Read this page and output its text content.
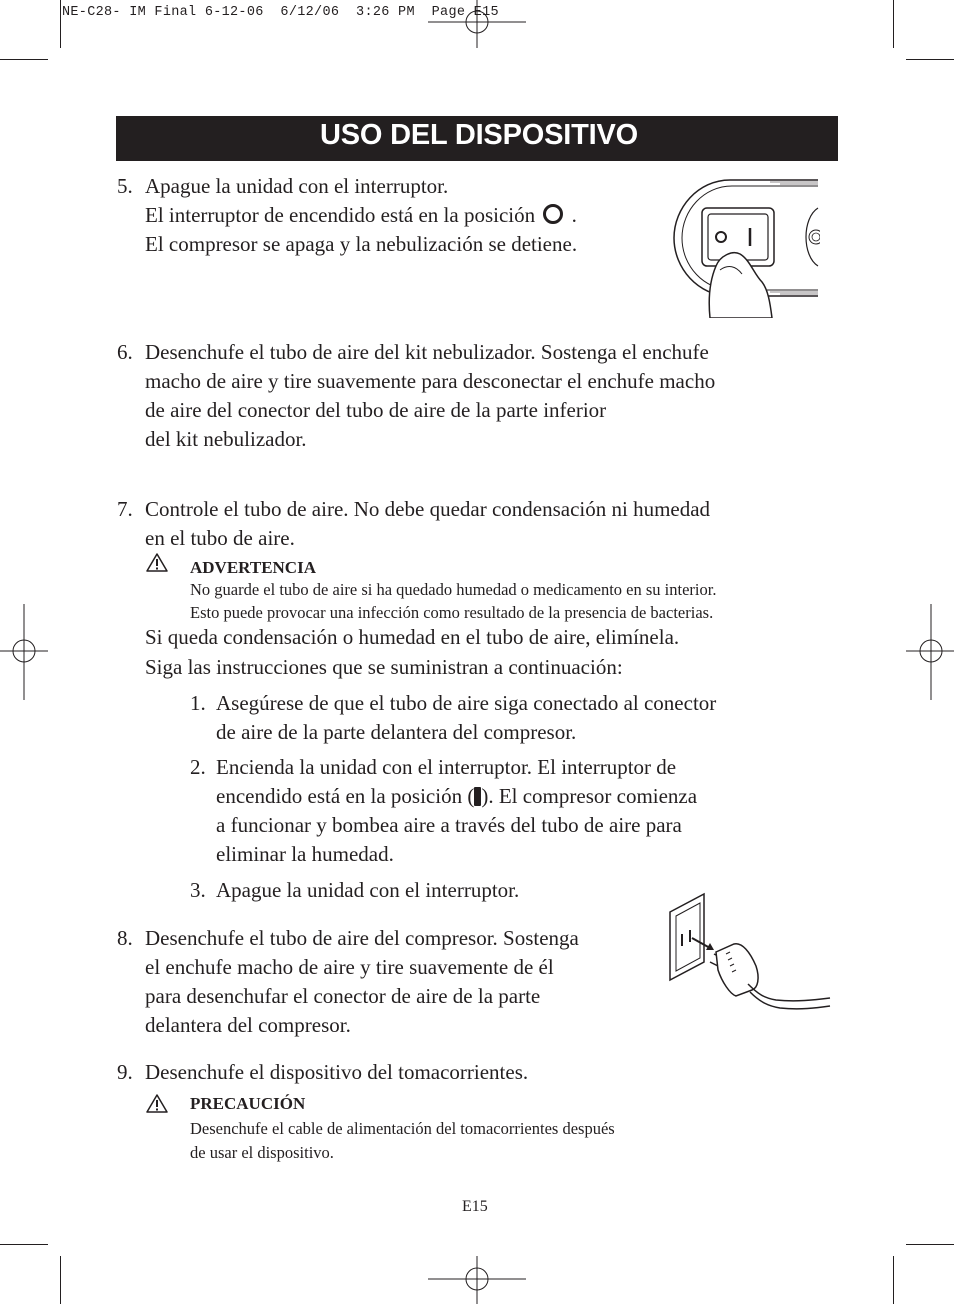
NE-C28- IM Final 6-12-06  6/12/06  3:26 PM  Page E15
USO DEL DISPOSITIVO
5. Apague la unidad con el interruptor.
El interruptor de encendido está en la posición .
El compresor se apaga y la nebulización se detiene.
6. Desenchufe el tubo de aire del kit nebulizador. Sostenga el enchufe
macho de aire y tire suavemente para desconectar el enchufe macho
de aire del conector del tubo de aire de la parte inferior
del kit nebulizador.
7. Controle el tubo de aire. No debe quedar condensación ni humedad
en el tubo de aire.
ADVERTENCIA
No guarde el tubo de aire si ha quedado humedad o medicamento en su interior.
Esto puede provocar una infección como resultado de la presencia de bacterias.
Si queda condensación o humedad en el tubo de aire, elimínela.
Siga las instrucciones que se suministran a continuación:
1. Asegúrese de que el tubo de aire siga conectado al conector
de aire de la parte delantera del compresor.
2. Encienda la unidad con el interruptor. El interruptor de
encendido está en la posición ( ). El compresor comienza
a funcionar y bombea aire a través del tubo de aire para
eliminar la humedad.
3. Apague la unidad con el interruptor.
8. Desenchufe el tubo de aire del compresor. Sostenga
el enchufe macho de aire y tire suavemente de él
para desenchufar el conector de aire de la parte
delantera del compresor.
9. Desenchufe el dispositivo del tomacorrientes.
PRECAUCIÓN
Desenchufe el cable de alimentación del tomacorrientes después
de usar el dispositivo.
E15
